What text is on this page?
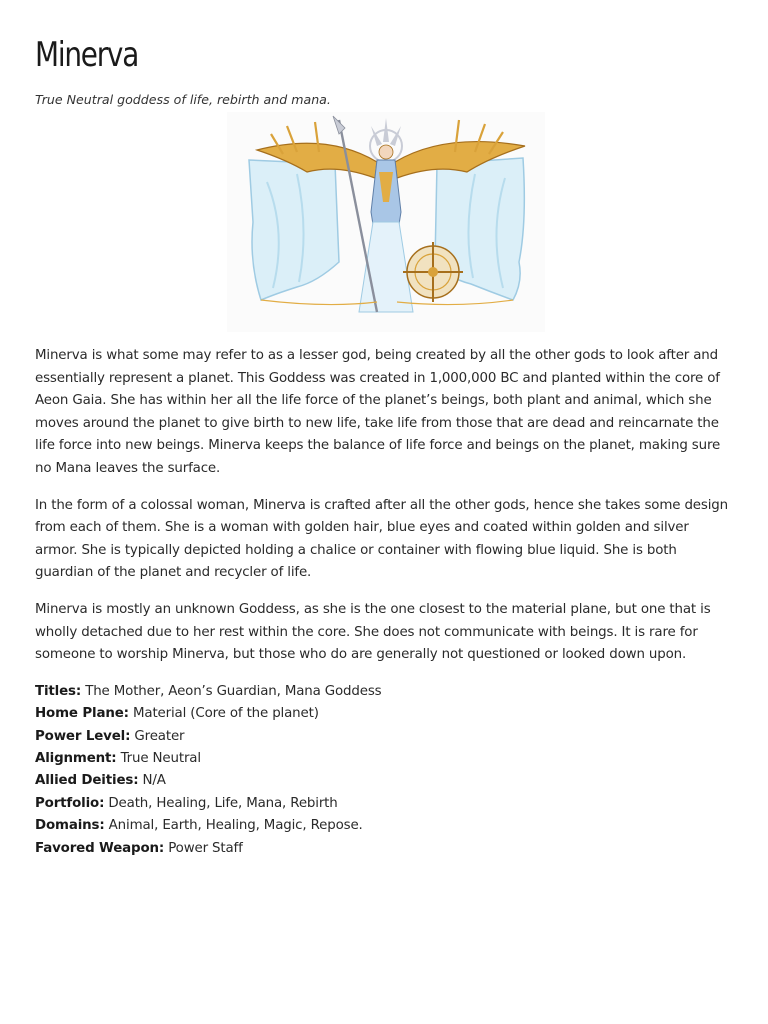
Minerva

True Neutral goddess of life, rebirth and mana.

Minerva is what some may refer to as a lesser god, being created by all the other gods to look after and essentially represent a planet. This Goddess was created in 1,000,000 BC and planted within the core of Aeon Gaia. She has within her all the life force of the planet’s beings, both plant and animal, which she moves around the planet to give birth to new life, take life from those that are dead and reincarnate the life force into new beings. Minerva keeps the balance of life force and beings on the planet, making sure no Mana leaves the surface.

In the form of a colossal woman, Minerva is crafted after all the other gods, hence she takes some design from each of them. She is a woman with golden hair, blue eyes and coated within golden and silver armor. She is typically depicted holding a chalice or container with flowing blue liquid. She is both guardian of the planet and recycler of life.

Minerva is mostly an unknown Goddess, as she is the one closest to the material plane, but one that is wholly detached due to her rest within the core. She does not communicate with beings. It is rare for someone to worship Minerva, but those who do are generally not questioned or looked down upon.

Titles: The Mother, Aeon’s Guardian, Mana Goddess
Home Plane: Material (Core of the planet)
Power Level: Greater
Alignment: True Neutral
Allied Deities: N/A
Portfolio: Death, Healing, Life, Mana, Rebirth
Domains: Animal, Earth, Healing, Magic, Repose.
Favored Weapon: Power Staff
